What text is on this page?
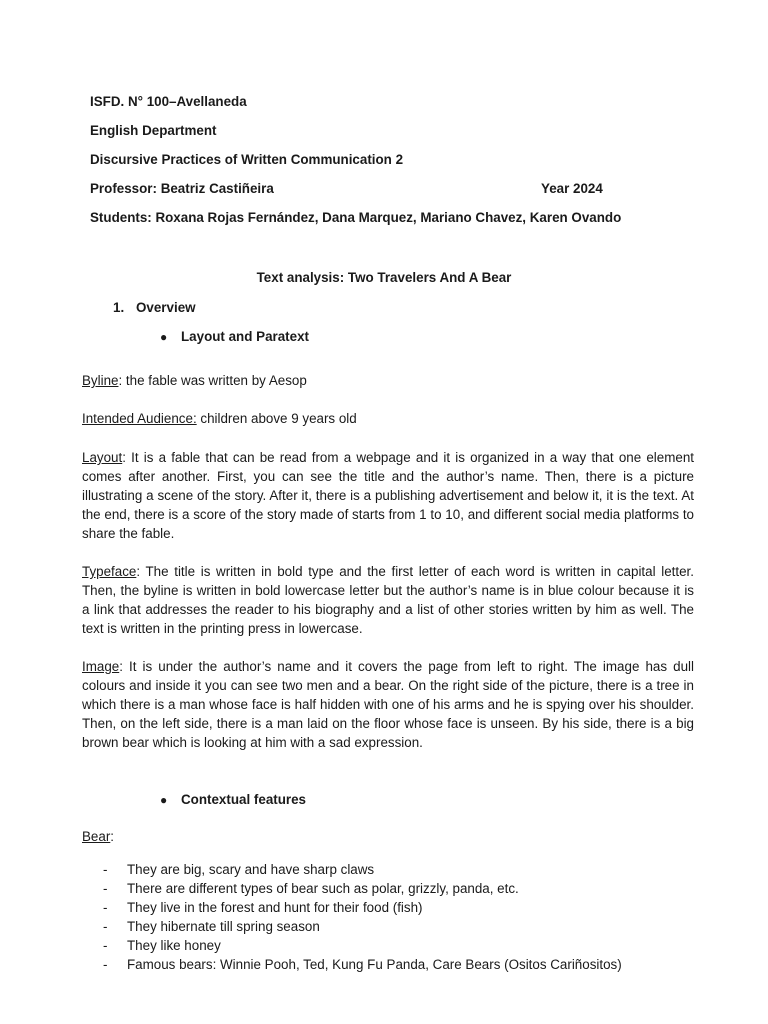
ISFD. N° 100–Avellaneda
English Department
Discursive Practices of Written Communication 2
Professor: Beatriz Castiñeira	Year 2024
Students: Roxana Rojas Fernández, Dana Marquez, Mariano Chavez, Karen Ovando
Text analysis: Two Travelers And A Bear
1. Overview
● Layout and Paratext
Byline: the fable was written by Aesop
Intended Audience: children above 9 years old

Layout: It is a fable that can be read from a webpage and it is organized in a way that one element comes after another. First, you can see the title and the author’s name. Then, there is a picture illustrating a scene of the story. After it, there is a publishing advertisement and below it, it is the text. At the end, there is a score of the story made of starts from 1 to 10, and different social media platforms to share the fable.

Typeface: The title is written in bold type and the first letter of each word is written in capital letter. Then, the byline is written in bold lowercase letter but the author’s name is in blue colour because it is a link that addresses the reader to his biography and a list of other stories written by him as well. The text is written in the printing press in lowercase.

Image: It is under the author’s name and it covers the page from left to right. The image has dull colours and inside it you can see two men and a bear. On the right side of the picture, there is a tree in which there is a man whose face is half hidden with one of his arms and he is spying over his shoulder. Then, on the left side, there is a man laid on the floor whose face is unseen. By his side, there is a big brown bear which is looking at him with a sad expression.

● Contextual features
Bear:
- They are big, scary and have sharp claws
- There are different types of bear such as polar, grizzly, panda, etc.
- They live in the forest and hunt for their food (fish)
- They hibernate till spring season
- They like honey
- Famous bears: Winnie Pooh, Ted, Kung Fu Panda, Care Bears (Ositos Cariñositos)
